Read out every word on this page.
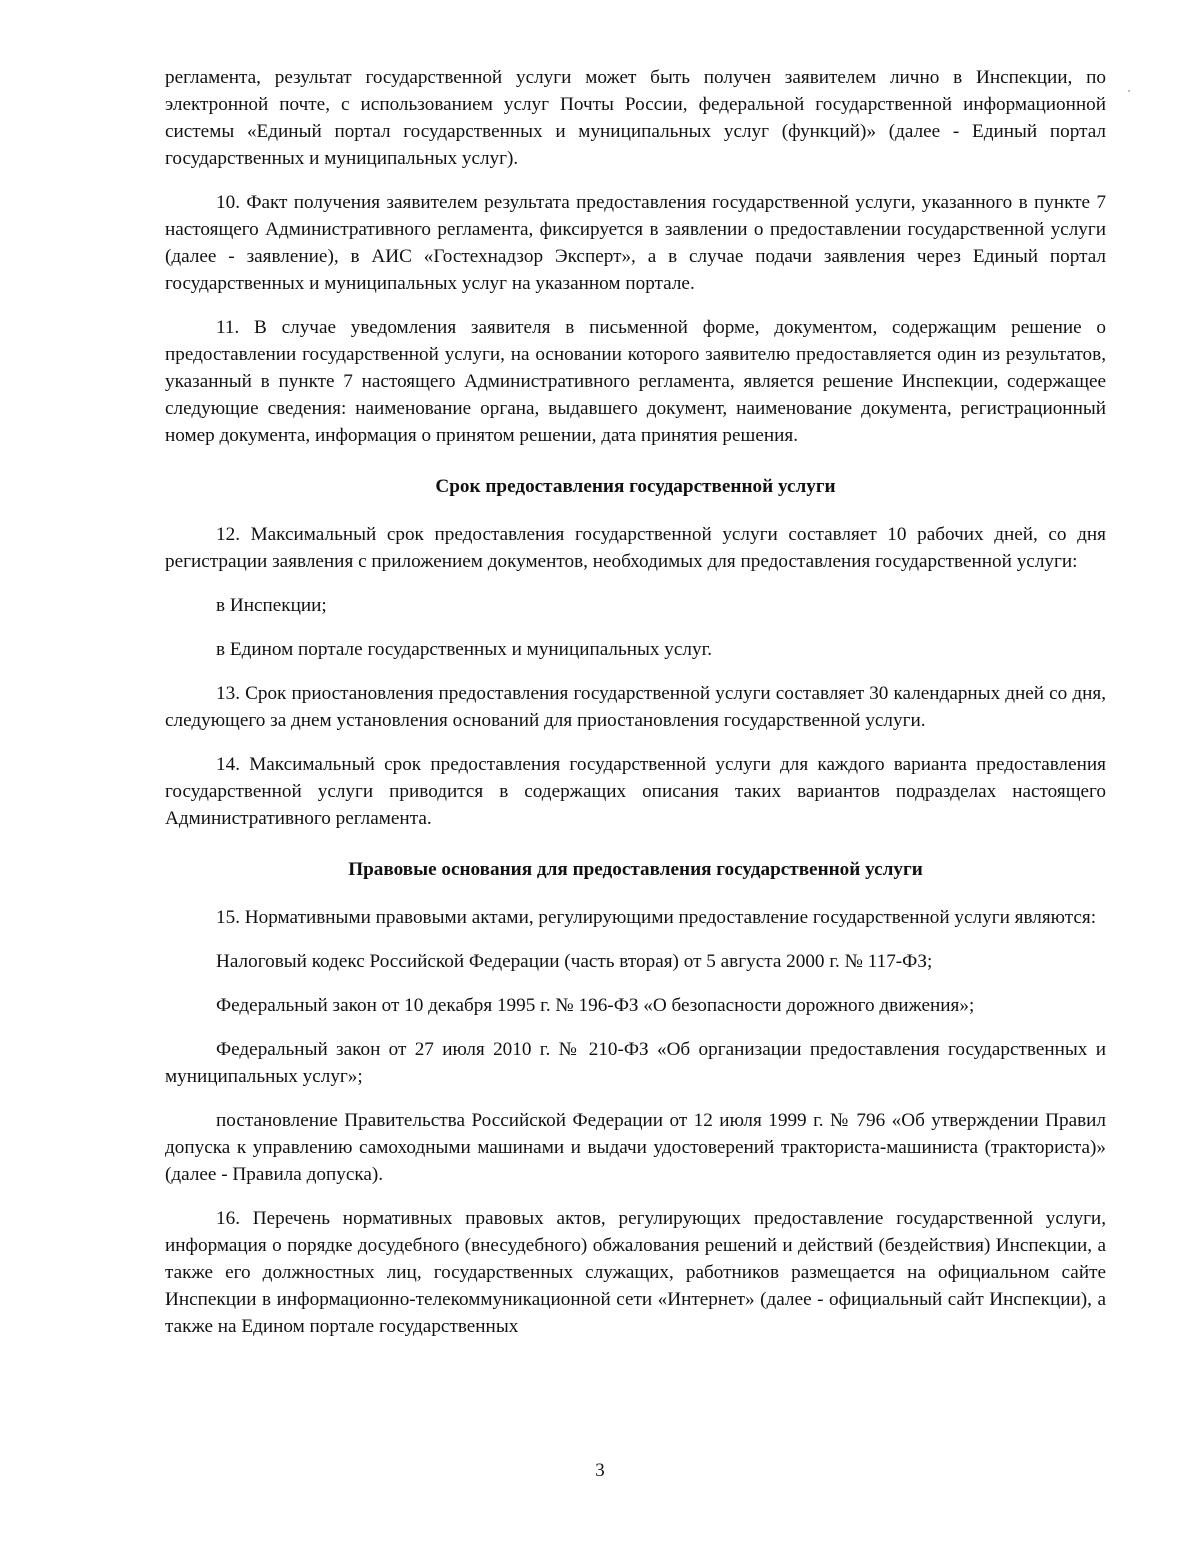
регламента, результат государственной услуги может быть получен заявителем лично в Инспекции, по электронной почте, с использованием услуг Почты России, федеральной государственной информационной системы «Единый портал государственных и муниципальных услуг (функций)» (далее - Единый портал государственных и муниципальных услуг).

10. Факт получения заявителем результата предоставления государственной услуги, указанного в пункте 7 настоящего Административного регламента, фиксируется в заявлении о предоставлении государственной услуги (далее - заявление), в АИС «Гостехнадзор Эксперт», а в случае подачи заявления через Единый портал государственных и муниципальных услуг на указанном портале.

11. В случае уведомления заявителя в письменной форме, документом, содержащим решение о предоставлении государственной услуги, на основании которого заявителю предоставляется один из результатов, указанный в пункте 7 настоящего Административного регламента, является решение Инспекции, содержащее следующие сведения: наименование органа, выдавшего документ, наименование документа, регистрационный номер документа, информация о принятом решении, дата принятия решения.

Срок предоставления государственной услуги

12. Максимальный срок предоставления государственной услуги составляет 10 рабочих дней, со дня регистрации заявления с приложением документов, необходимых для предоставления государственной услуги:

в Инспекции;

в Едином портале государственных и муниципальных услуг.

13. Срок приостановления предоставления государственной услуги составляет 30 календарных дней со дня, следующего за днем установления оснований для приостановления государственной услуги.

14. Максимальный срок предоставления государственной услуги для каждого варианта предоставления государственной услуги приводится в содержащих описания таких вариантов подразделах настоящего Административного регламента.

Правовые основания для предоставления государственной услуги

15. Нормативными правовыми актами, регулирующими предоставление государственной услуги являются:

Налоговый кодекс Российской Федерации (часть вторая) от 5 августа 2000 г. № 117-ФЗ;

Федеральный закон от 10 декабря 1995 г. № 196-ФЗ «О безопасности дорожного движения»;

Федеральный закон от 27 июля 2010 г. № 210-ФЗ «Об организации предоставления государственных и муниципальных услуг»;

постановление Правительства Российской Федерации от 12 июля 1999 г. № 796 «Об утверждении Правил допуска к управлению самоходными машинами и выдачи удостоверений тракториста-машиниста (тракториста)» (далее - Правила допуска).

16. Перечень нормативных правовых актов, регулирующих предоставление государственной услуги, информация о порядке досудебного (внесудебного) обжалования решений и действий (бездействия) Инспекции, а также его должностных лиц, государственных служащих, работников размещается на официальном сайте Инспекции в информационно-телекоммуникационной сети «Интернет» (далее - официальный сайт Инспекции), а также на Едином портале государственных

3
